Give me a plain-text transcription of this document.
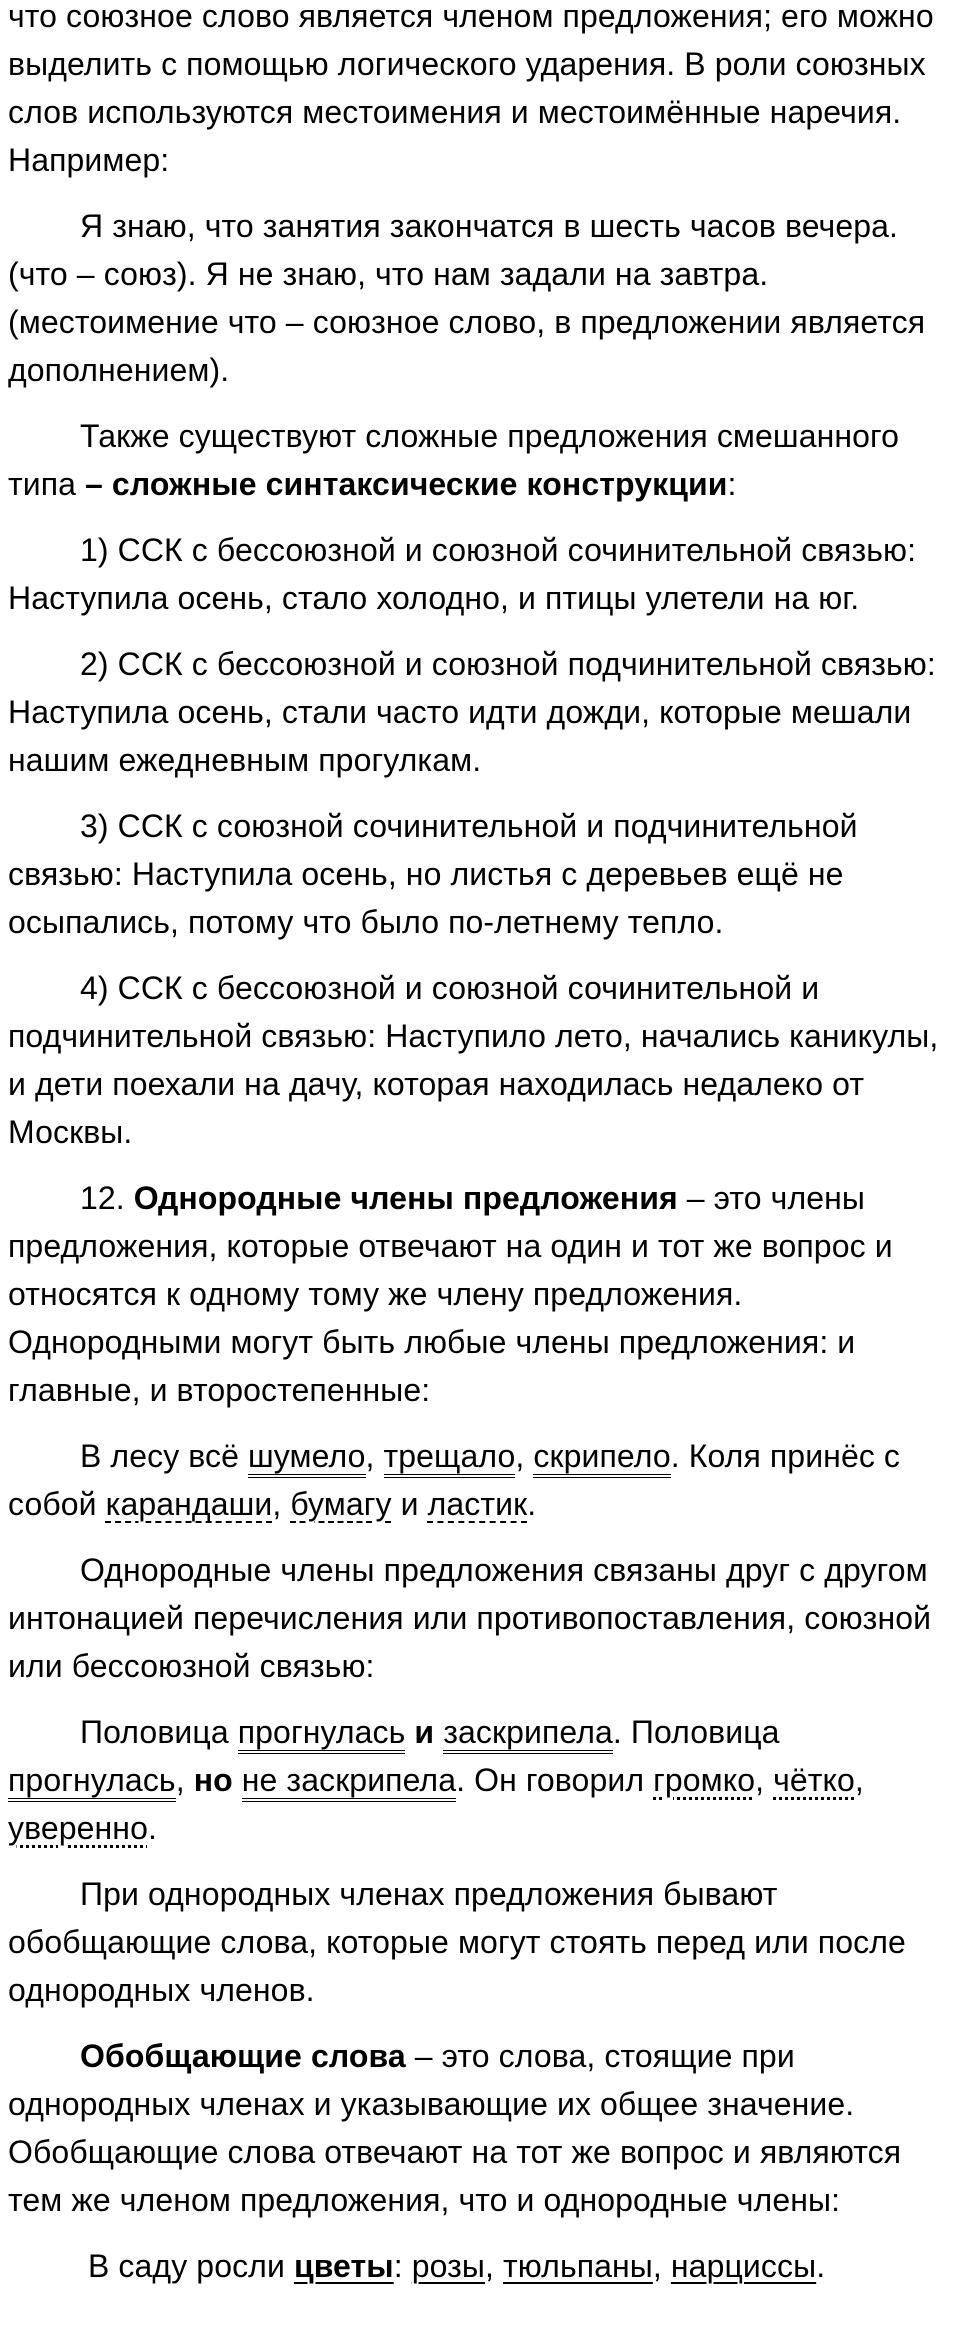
что союзное слово является членом предложения; его можно выделить с помощью логического ударения. В роли союзных слов используются местоимения и местоимённые наречия. Например:

Я знаю, что занятия закончатся в шесть часов вечера. (что – союз). Я не знаю, что нам задали на завтра. (местоимение что – союзное слово, в предложении является дополнением).

Также существуют сложные предложения смешанного типа – сложные синтаксические конструкции:

1) ССК с бессоюзной и союзной сочинительной связью: Наступила осень, стало холодно, и птицы улетели на юг.

2) ССК с бессоюзной и союзной подчинительной связью: Наступила осень, стали часто идти дожди, которые мешали нашим ежедневным прогулкам.

3) ССК с союзной сочинительной и подчинительной связью: Наступила осень, но листья с деревьев ещё не осыпались, потому что было по-летнему тепло.

4) ССК с бессоюзной и союзной сочинительной и подчинительной связью: Наступило лето, начались каникулы, и дети поехали на дачу, которая находилась недалеко от Москвы.

12. Однородные члены предложения – это члены предложения, которые отвечают на один и тот же вопрос и относятся к одному тому же члену предложения. Однородными могут быть любые члены предложения: и главные, и второстепенные:

В лесу всё шумело, трещало, скрипело. Коля принёс с собой карандаши, бумагу и ластик.

Однородные члены предложения связаны друг с другом интонацией перечисления или противопоставления, союзной или бессоюзной связью:

Половица прогнулась и заскрипела. Половица прогнулась, но не заскрипела. Он говорил громко, чётко, уверенно.

При однородных членах предложения бывают обобщающие слова, которые могут стоять перед или после однородных членов.

Обобщающие слова – это слова, стоящие при однородных членах и указывающие их общее значение. Обобщающие слова отвечают на тот же вопрос и являются тем же членом предложения, что и однородные члены:

В саду росли цветы: розы, тюльпаны, нарциссы.
